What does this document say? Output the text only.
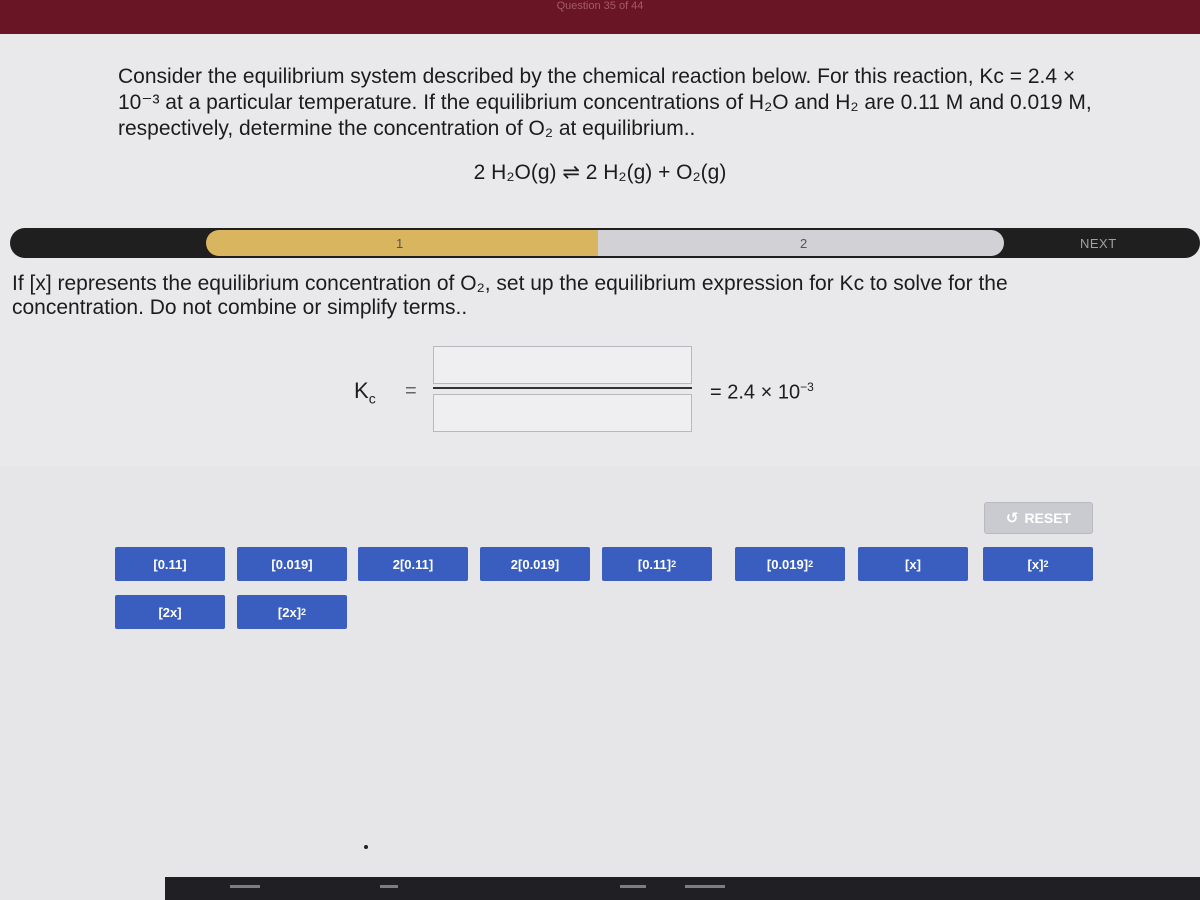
Question 35 of 44
Consider the equilibrium system described by the chemical reaction below. For this reaction, Kc = 2.4 × 10⁻³ at a particular temperature. If the equilibrium concentrations of H₂O and H₂ are 0.11 M and 0.019 M, respectively, determine the concentration of O₂ at equilibrium..
2 H₂O(g) ⇌ 2 H₂(g) + O₂(g)
1	2	NEXT
If [x] represents the equilibrium concentration of O₂, set up the equilibrium expression for Kc to solve for the concentration. Do not combine or simplify terms..
$K_c$ =	= $2.4 \times 10^{-3}$
↺ RESET
[0.11]	[0.019]	2[0.11]	2[0.019]	[0.11] 2	[0.019] 2	[x]	[x] 2
[2x]	[2x] 2
